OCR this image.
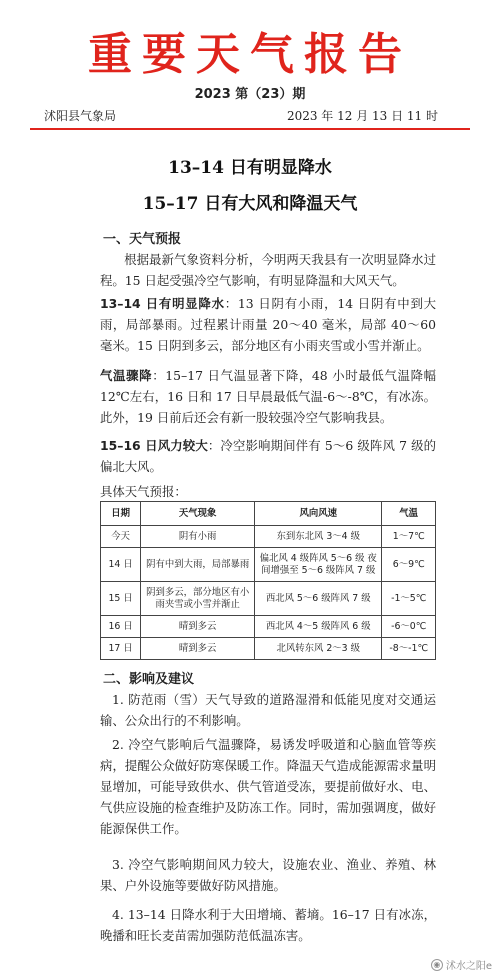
重要天气报告
2023 第（23）期
沭阳县气象局	2023 年 12 月 13 日 11 时
13–14 日有明显降水
15–17 日有大风和降温天气
一、天气预报
根据最新气象资料分析，今明两天我县有一次明显降水过程。15 日起受强冷空气影响，有明显降温和大风天气。
13–14 日有明显降水：13 日阴有小雨，14 日阴有中到大雨，局部暴雨。过程累计雨量 20～40 毫米，局部 40～60 毫米。15 日阴到多云，部分地区有小雨夹雪或小雪并渐止。
气温骤降：15–17 日气温显著下降，48 小时最低气温降幅 12℃左右，16 日和 17 日早晨最低气温-6～-8℃，有冰冻。此外，19 日前后还会有新一股较强冷空气影响我县。
15–16 日风力较大：冷空影响期间伴有 5～6 级阵风 7 级的偏北大风。
具体天气预报：
日期	天气现象	风向风速	气温
今天	阴有小雨	东到东北风 3～4 级	1～7℃
14 日	阴有中到大雨，局部暴雨	偏北风 4 级阵风 5～6 级 夜间增强至 5～6 级阵风 7 级	6～9℃
15 日	阴到多云，部分地区有小雨夹雪或小雪并渐止	西北风 5～6 级阵风 7 级	-1～5℃
16 日	晴到多云	西北风 4～5 级阵风 6 级	-6～0℃
17 日	晴到多云	北风转东风 2～3 级	-8～-1℃
二、影响及建议
1. 防范雨（雪）天气导致的道路湿滑和低能见度对交通运输、公众出行的不利影响。
2. 冷空气影响后气温骤降，易诱发呼吸道和心脑血管等疾病，提醒公众做好防寒保暖工作。降温天气造成能源需求量明显增加，可能导致供水、供气管道受冻，要提前做好水、电、气供应设施的检查维护及防冻工作。同时，需加强调度，做好能源保供工作。
3. 冷空气影响期间风力较大，设施农业、渔业、养殖、林果、户外设施等要做好防风措施。
4. 13–14 日降水利于大田增墒、蓄墒。16–17 日有冰冻，晚播和旺长麦苗需加强防范低温冻害。
◉ 沭水之阳e
